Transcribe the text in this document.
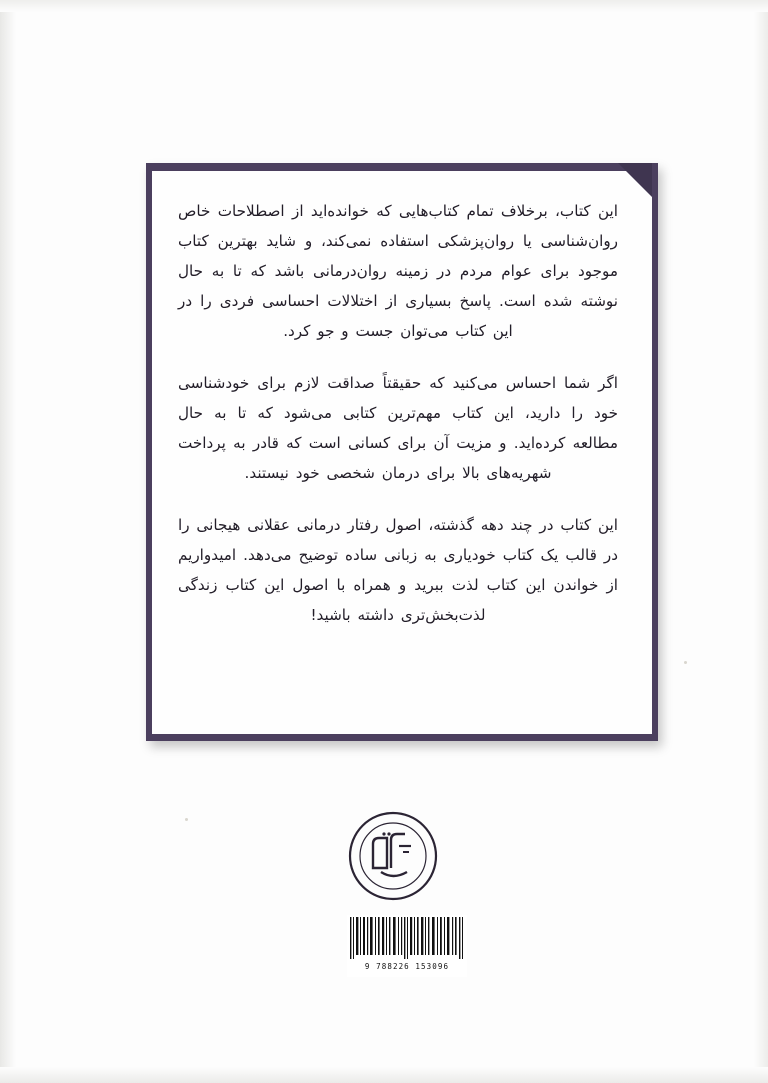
این کتاب، برخلاف تمام کتاب‌هایی که خوانده‌اید از اصطلاحات خاص روان‌شناسی یا روان‌پزشکی استفاده نمی‌کند، و شاید بهترین کتاب موجود برای عوام مردم در زمینه روان‌درمانی باشد که تا به حال نوشته شده است. پاسخ بسیاری از اختلالات احساسی فردی را در این کتاب می‌توان جست و جو کرد.

اگر شما احساس می‌کنید که حقیقتاً صداقت لازم برای خودشناسی خود را دارید، این کتاب مهم‌ترین کتابی می‌شود که تا به حال مطالعه کرده‌اید. و مزیت آن برای کسانی است که قادر به پرداخت شهریه‌های بالا برای درمان شخصی خود نیستند.

این کتاب در چند دهه گذشته، اصول رفتار درمانی عقلانی هیجانی را در قالب یک کتاب خودیاری به زبانی ساده توضیح می‌دهد. امیدواریم از خواندن این کتاب لذت ببرید و همراه با اصول این کتاب زندگی لذت‌بخش‌تری داشته باشید!

9 788226 153096
